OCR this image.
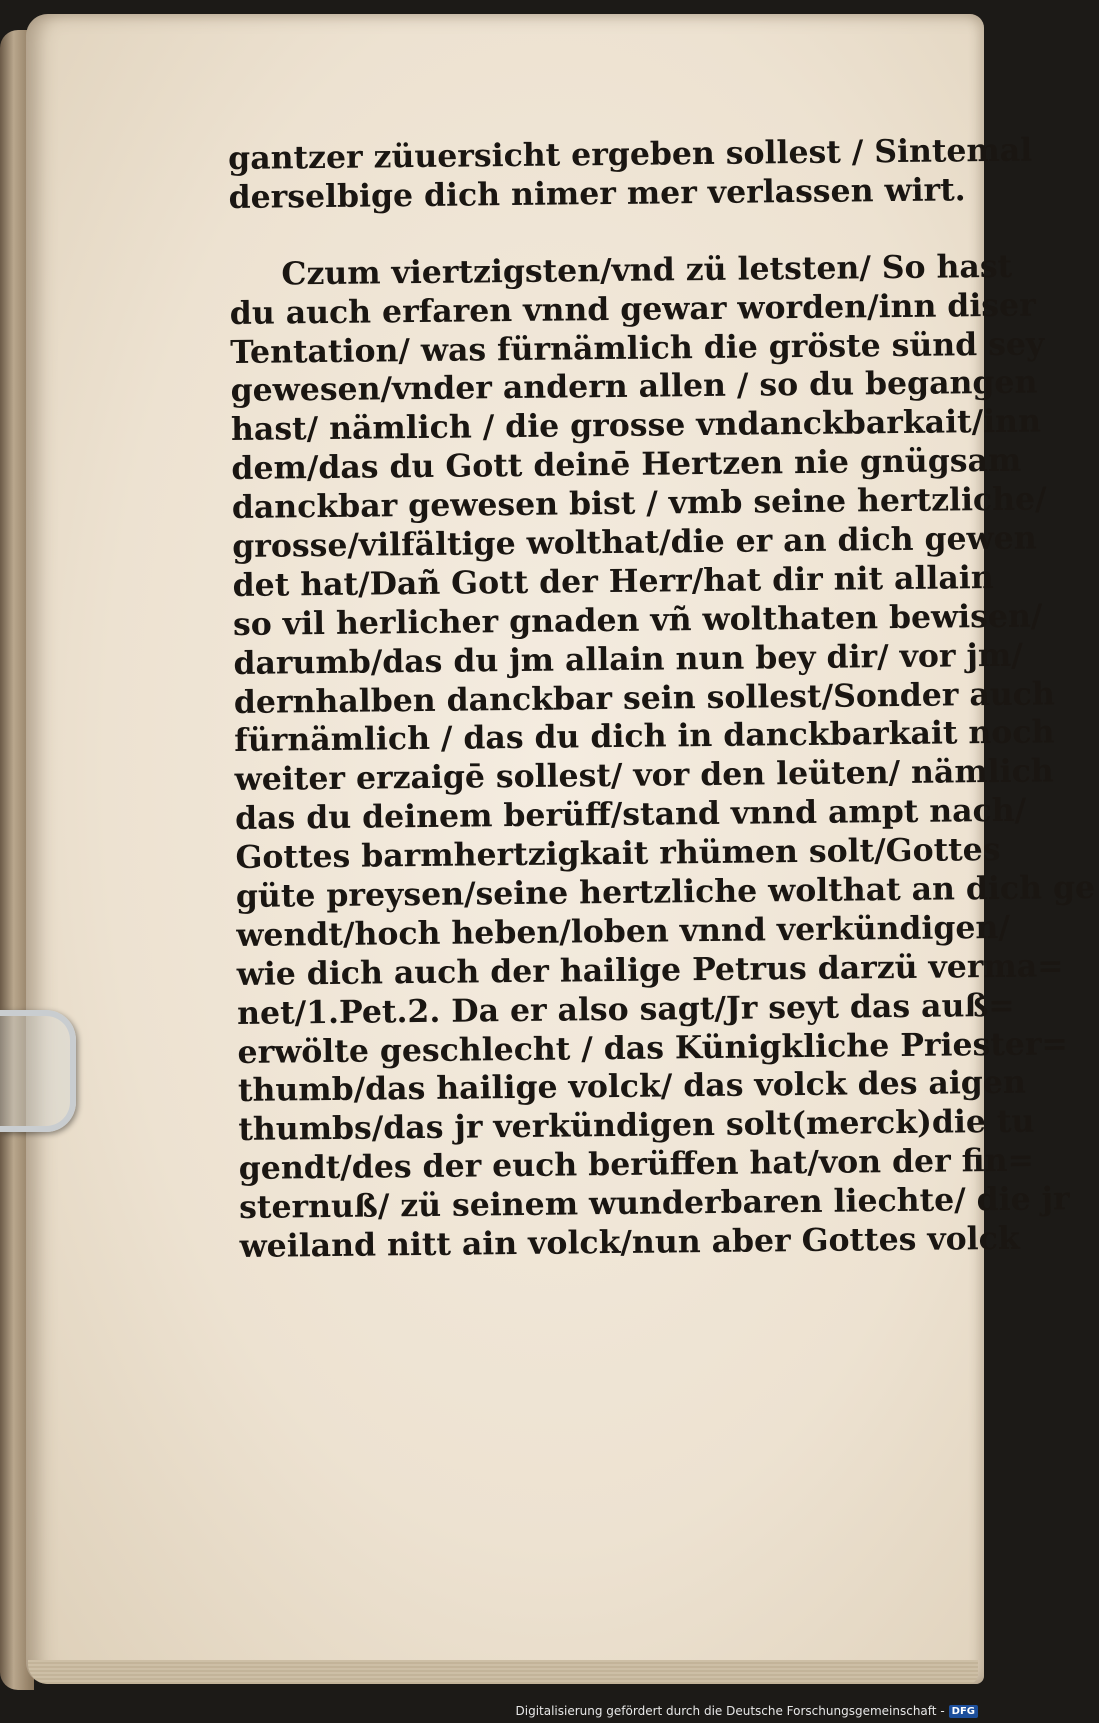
gantzer züuersicht ergeben sollest / Sintemal
derselbige dich nimer mer verlassen wirt.
Czum viertzigsten/vnd zü letsten/ So hast
du auch erfaren vnnd gewar worden/inn diser
Tentation/ was fürnämlich die gröste sünd sey
gewesen/vnder andern allen / so du begangen
hast/ nämlich / die grosse vndanckbarkait/inn
dem/das du Gott deinē Hertzen nie gnügsam
danckbar gewesen bist / vmb seine hertzliche/
grosse/vilfältige wolthat/die er an dich gewen
det hat/Dañ Gott der Herr/hat dir nit allain
so vil herlicher gnaden vñ wolthaten bewisen/
darumb/das du jm allain nun bey dir/ vor jm/
dernhalben danckbar sein sollest/Sonder auch
fürnämlich / das du dich in danckbarkait noch
weiter erzaigē sollest/ vor den leüten/ nämlich
das du deinem berüff/stand vnnd ampt nach/
Gottes barmhertzigkait rhümen solt/Gottes
güte preysen/seine hertzliche wolthat an dich ge
wendt/hoch heben/loben vnnd verkündigen/
wie dich auch der hailige Petrus darzü verma=
net/1.Pet.2. Da er also sagt/Jr seyt das auß=
erwölte geschlecht / das Künigkliche Priester=
thumb/das hailige volck/ das volck des aigen
thumbs/das jr verkündigen solt(merck)die tu
gendt/des der euch berüffen hat/von der fin=
sternuß/ zü seinem wunderbaren liechte/ die jr
weiland nitt ain volck/nun aber Gottes volck
Digitalisierung gefördert durch die Deutsche Forschungsgemeinschaft - DFG
